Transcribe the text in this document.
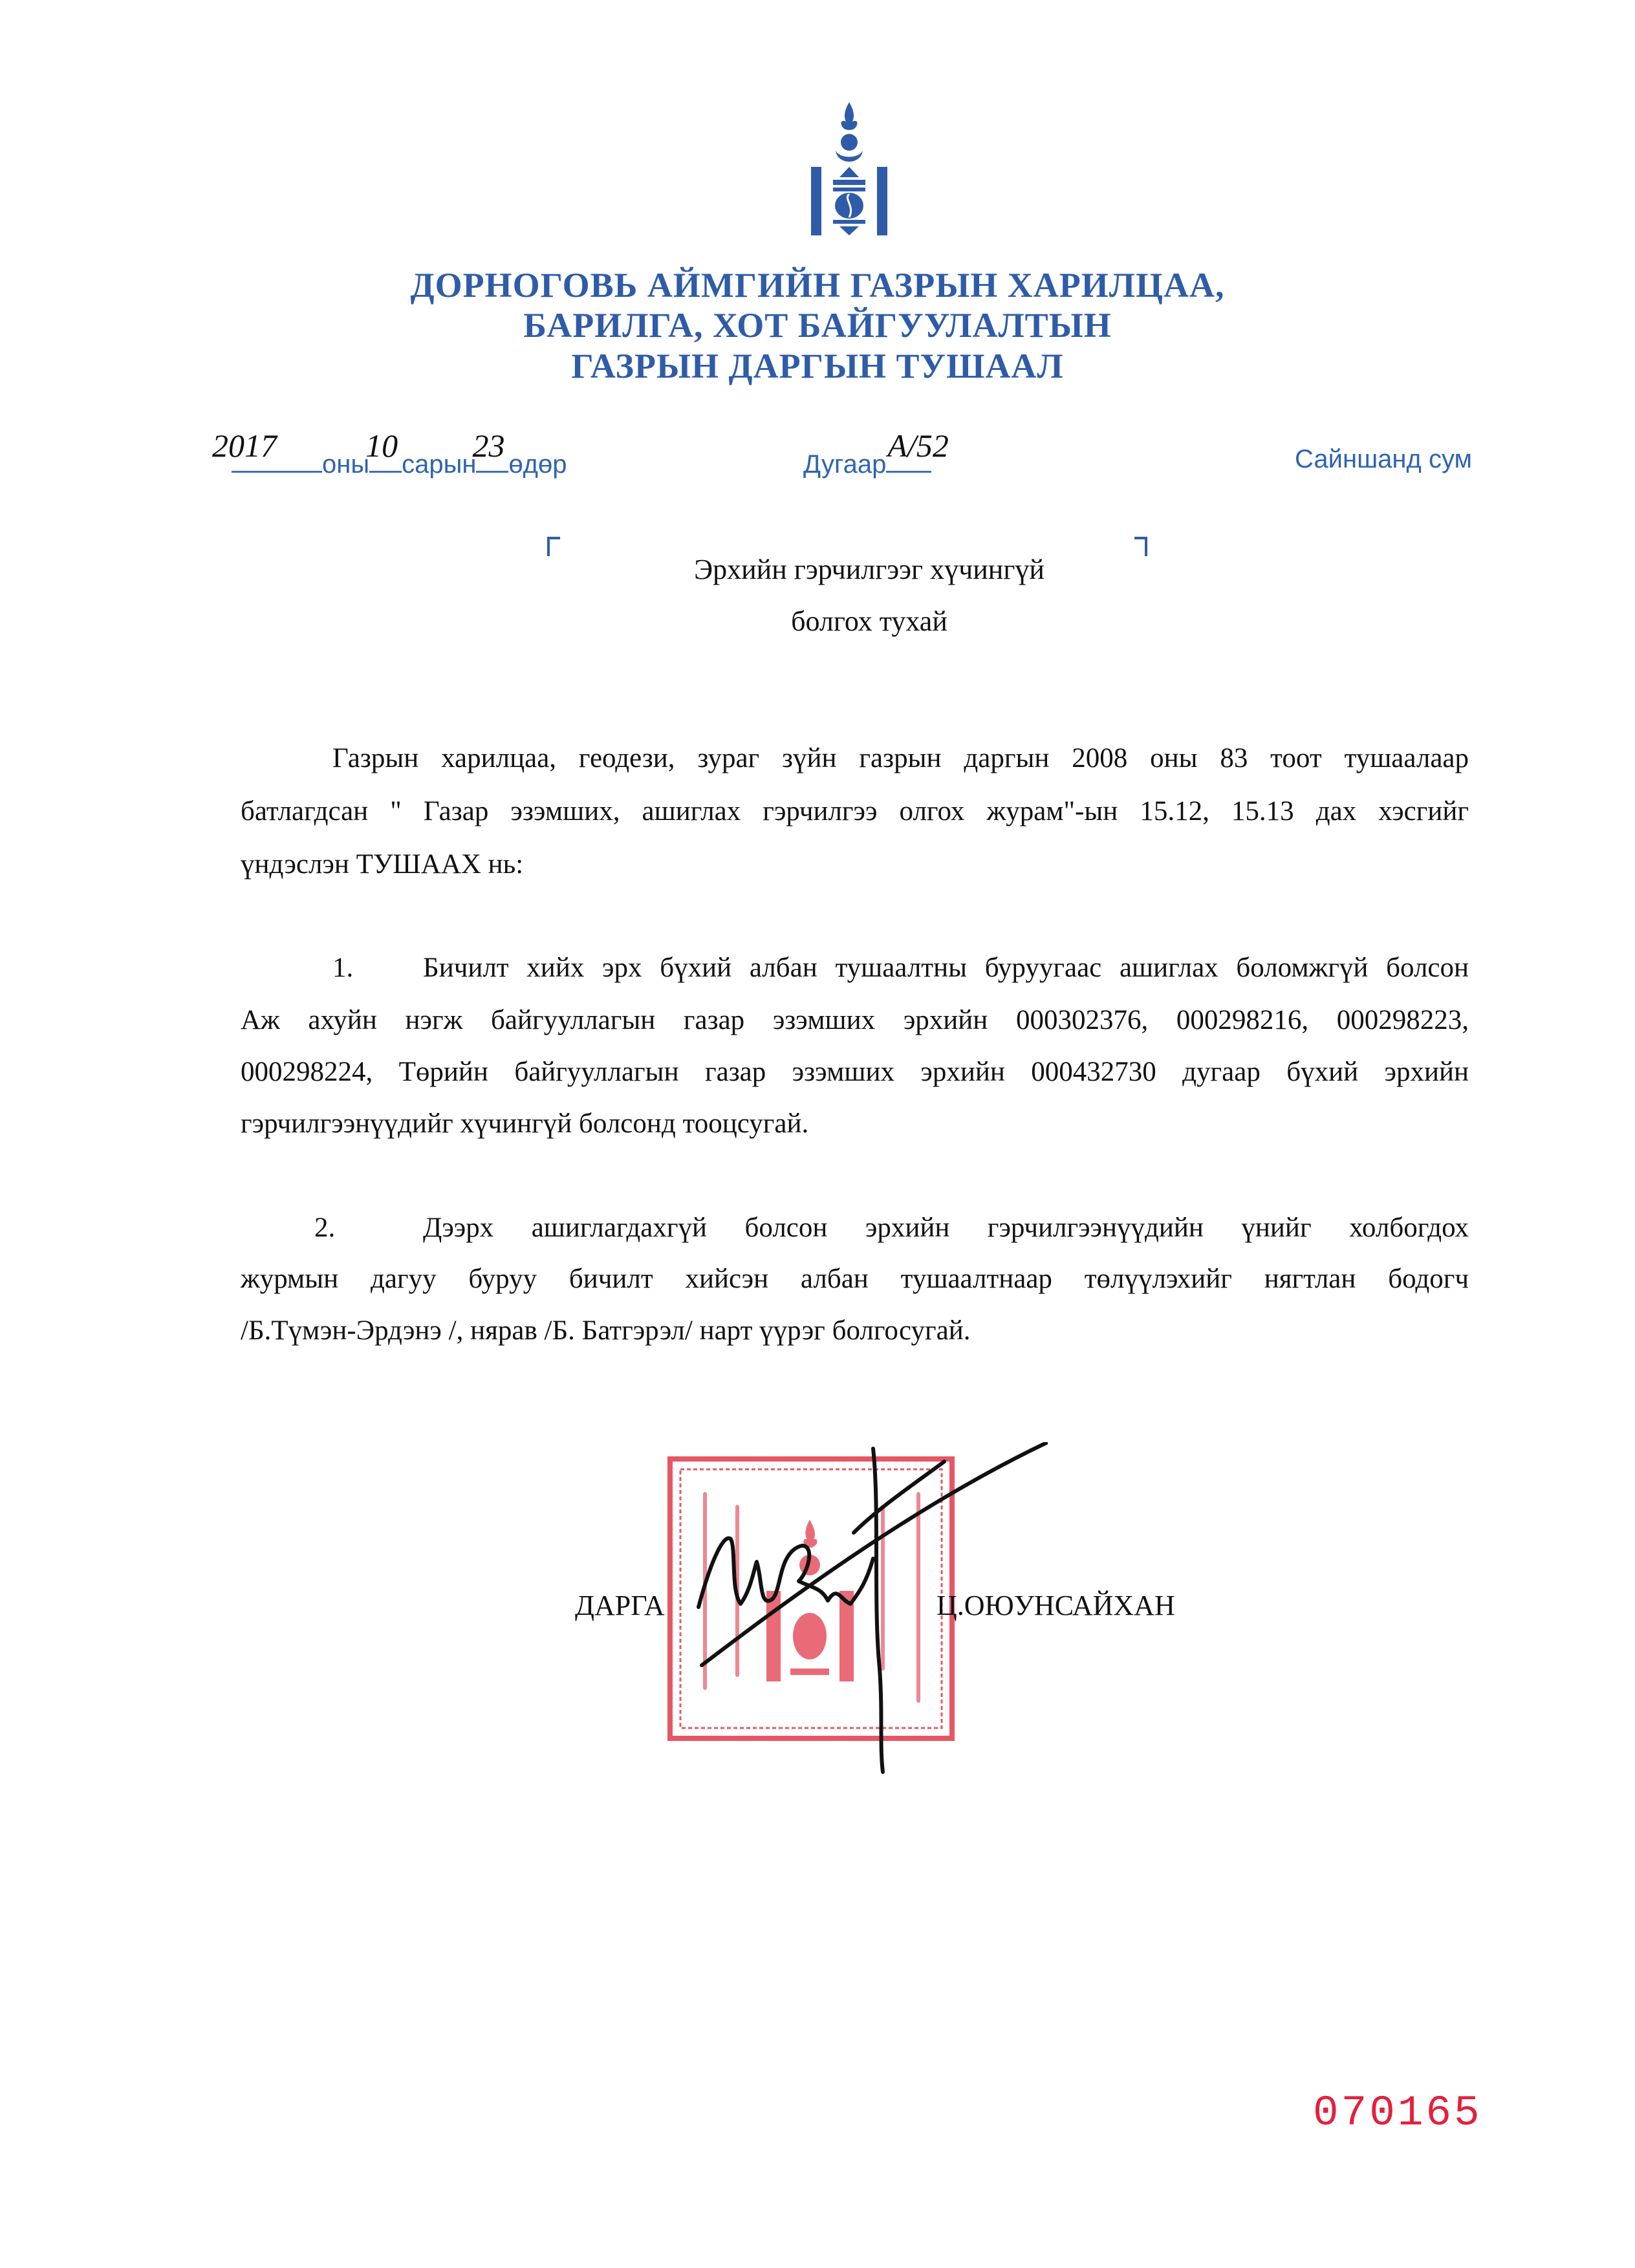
ДОРНОГОВЬ АЙМГИЙН ГАЗРЫН ХАРИЛЦАА,
БАРИЛГА, ХОТ БАЙГУУЛАЛТЫН
ГАЗРЫН ДАРГЫН ТУШААЛ
2017
оны
10
сарын
23
өдөр	Дугаар
А/52	Сайншанд сум
Эрхийн гэрчилгээг хүчингүй
болгох тухай
Газрын харилцаа, геодези, зураг зүйн газрын даргын 2008 оны 83 тоот тушаалаар
батлагдсан " Газар эзэмших, ашиглах гэрчилгээ олгох журам"-ын 15.12, 15.13 дах хэсгийг
үндэслэн ТУШААХ нь:
1.	Бичилт хийх эрх бүхий албан тушаалтны буруугаас ашиглах боломжгүй болсон
Аж ахуйн нэгж байгууллагын газар эзэмших эрхийн 000302376, 000298216, 000298223,
000298224, Төрийн байгууллагын газар эзэмших эрхийн 000432730 дугаар бүхий эрхийн
гэрчилгээнүүдийг хүчингүй болсонд тооцсугай.
2.	Дээрх ашиглагдахгүй болсон эрхийн гэрчилгээнүүдийн үнийг холбогдох
журмын дагуу буруу бичилт хийсэн албан тушаалтнаар төлүүлэхийг нягтлан бодогч
/Б.Түмэн-Эрдэнэ /, нярав /Б. Батгэрэл/ нарт үүрэг болгосугай.
ДАРГА	Ц.ОЮУНСАЙХАН
070165
